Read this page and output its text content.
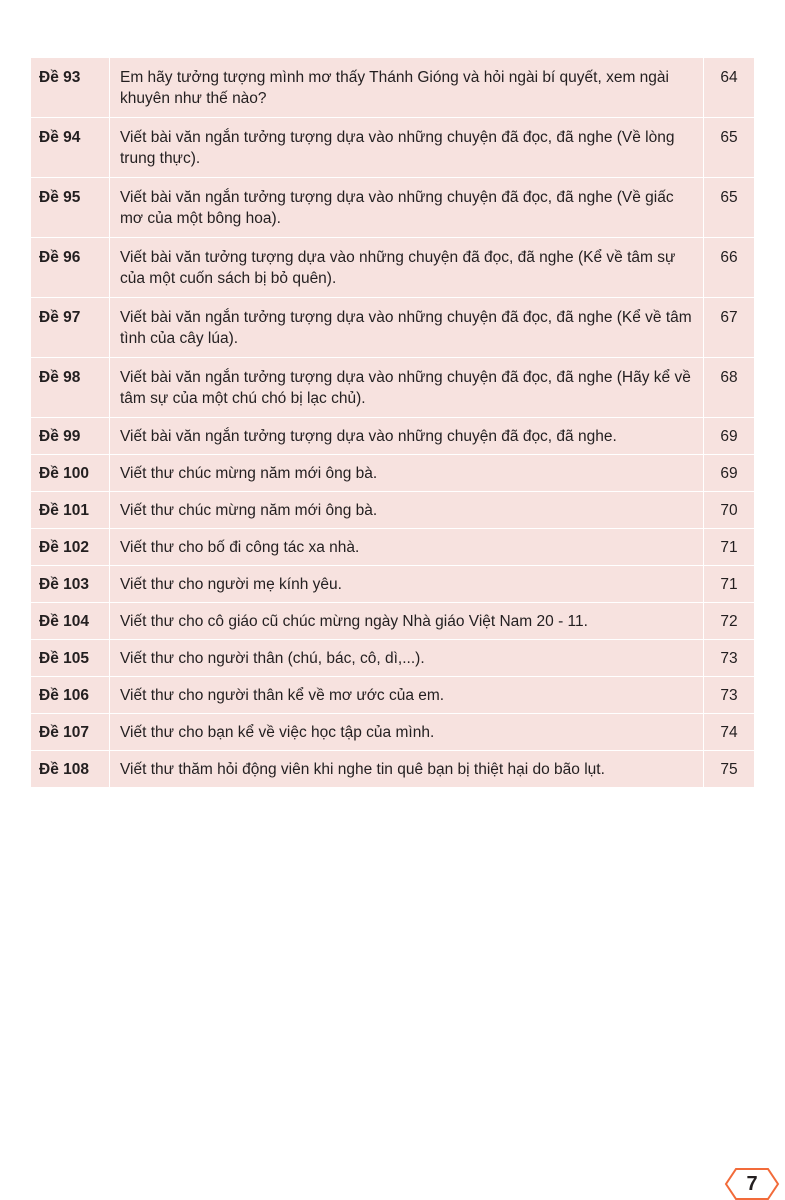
Đề 93	Em hãy tưởng tượng mình mơ thấy Thánh Gióng và hỏi ngài bí quyết, xem ngài khuyên như thế nào?	64
Đề 94	Viết bài văn ngắn tưởng tượng dựa vào những chuyện đã đọc, đã nghe (Về lòng trung thực).	65
Đề 95	Viết bài văn ngắn tưởng tượng dựa vào những chuyện đã đọc, đã nghe (Về giấc mơ của một bông hoa).	65
Đề 96	Viết bài văn tưởng tượng dựa vào những chuyện đã đọc, đã nghe (Kể về tâm sự của một cuốn sách bị bỏ quên).	66
Đề 97	Viết bài văn ngắn tưởng tượng dựa vào những chuyện đã đọc, đã nghe (Kể về tâm tình của cây lúa).	67
Đề 98	Viết bài văn ngắn tưởng tượng dựa vào những chuyện đã đọc, đã nghe (Hãy kể về tâm sự của một chú chó bị lạc chủ).	68
Đề 99	Viết bài văn ngắn tưởng tượng dựa vào những chuyện đã đọc, đã nghe.	69
Đề 100	Viết thư chúc mừng năm mới ông bà.	69
Đề 101	Viết thư chúc mừng năm mới ông bà.	70
Đề 102	Viết thư cho bố đi công tác xa nhà.	71
Đề 103	Viết thư cho người mẹ kính yêu.	71
Đề 104	Viết thư cho cô giáo cũ chúc mừng ngày Nhà giáo Việt Nam 20 - 11.	72
Đề 105	Viết thư cho người thân (chú, bác, cô, dì,...).	73
Đề 106	Viết thư cho người thân kể về mơ ước của em.	73
Đề 107	Viết thư cho bạn kể về việc học tập của mình.	74
Đề 108	Viết thư thăm hỏi động viên khi nghe tin quê bạn bị thiệt hại do bão lụt.	75
7
